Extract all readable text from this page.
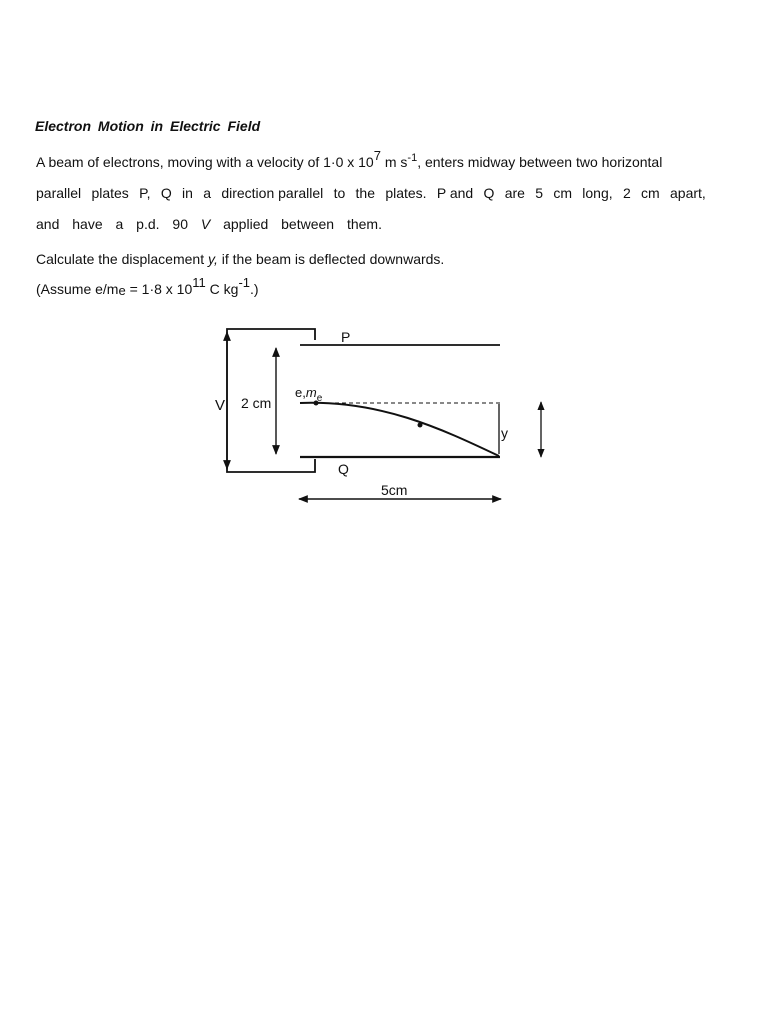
Electron Motion in Electric Field
A beam of electrons, moving with a velocity of 1·0 x $10^7$ m $s^{-1}$, enters midway between two horizontal
parallel plates P, Q in a direction parallel to the plates. P and Q are 5 cm long, 2 cm apart,
and have a p.d. 90 V applied between them.
Calculate the displacement y, if the beam is deflected downwards.
(Assume e/me = 1·8 x $10^{11}$ C $kg^{-1}$.)
P
Q
V 2 cm
$e,m_e$
y
5cm
